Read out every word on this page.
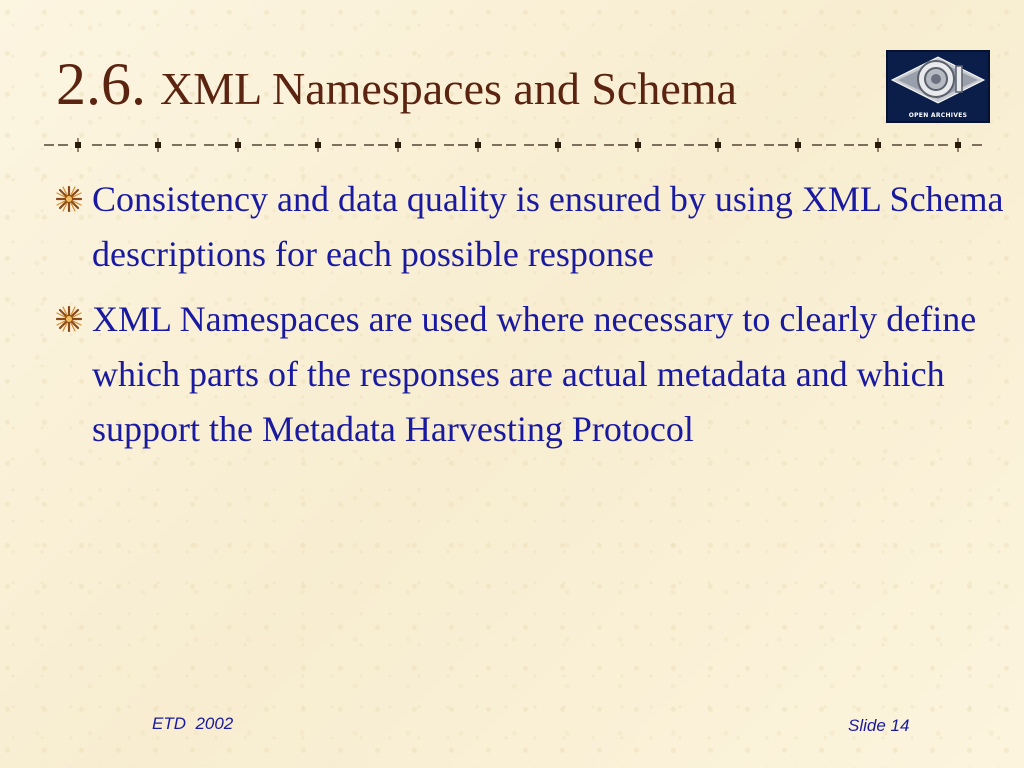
2.6. XML Namespaces and Schema
OPEN ARCHIVES
Consistency and data quality is ensured by using XML Schema descriptions for each possible response
XML Namespaces are used where necessary to clearly define which parts of the responses are actual metadata and which support the Metadata Harvesting Protocol
ETD  2002	Slide 14
